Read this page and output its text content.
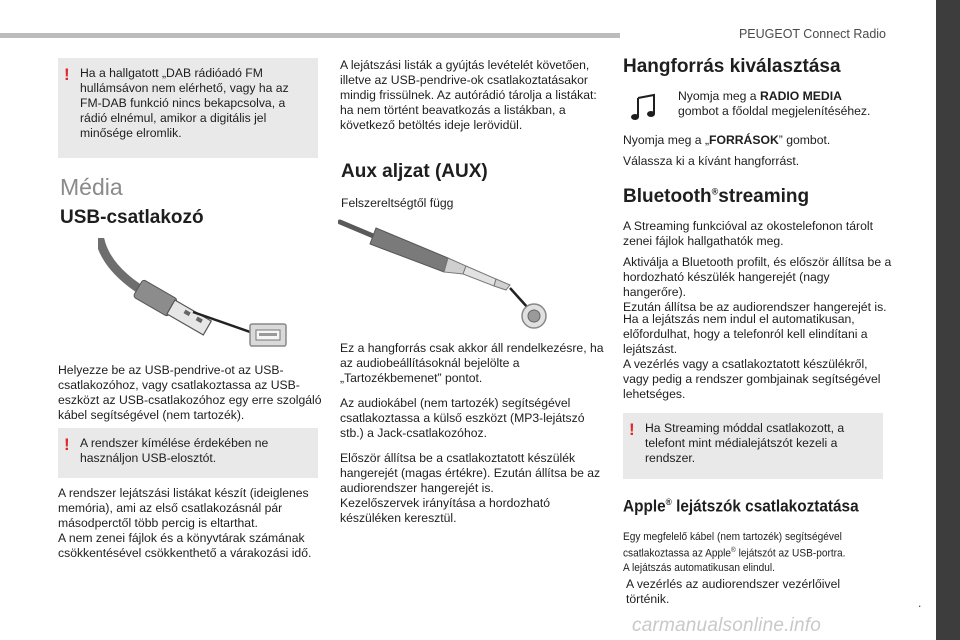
PEUGEOT Connect Radio
.
carmanualsonline.info
! Ha a hallgatott „DAB rádióadó FM hullámsávon nem elérhető, vagy ha az FM-DAB funkció nincs bekapcsolva, a rádió elnémul, amikor a digitális jel minősége elromlik.
Média
USB-csatlakozó

Helyezze be az USB-pendrive-ot az USB-csatlakozóhoz, vagy csatlakoztassa az USB-eszközt az USB-csatlakozóhoz egy erre szolgáló kábel segítségével (nem tartozék).

! A rendszer kímélése érdekében ne használjon USB-elosztót.

A rendszer lejátszási listákat készít (ideiglenes memória), ami az első csatlakozásnál pár másodperctől több percig is eltarthat.

A nem zenei fájlok és a könyvtárak számának csökkentésével csökkenthető a várakozási idő.

A lejátszási listák a gyújtás levételét követően, illetve az USB-pendrive-ok csatlakoztatásakor mindig frissülnek. Az autórádió tárolja a listákat: ha nem történt beavatkozás a listákban, a következő betöltés ideje lerövidül.

Aux aljzat (AUX)

Felszereltségtől függ

Ez a hangforrás csak akkor áll rendelkezésre, ha az audiobeállításoknál bejelölte a „Tartozékbemenet” pontot.

Az audiokábel (nem tartozék) segítségével csatlakoztassa a külső eszközt (MP3-lejátszó stb.) a Jack-csatlakozóhoz.

Először állítsa be a csatlakoztatott készülék hangerejét (magas értékre). Ezután állítsa be az audiorendszer hangerejét is.

Kezelőszervek irányítása a hordozható készüléken keresztül.

Hangforrás kiválasztása

Nyomja meg a RADIO MEDIA gombot a főoldal megjelenítéséhez.

Nyomja meg a „FORRÁSOK” gombot.

Válassza ki a kívánt hangforrást.

Bluetooth®streaming

A Streaming funkcióval az okostelefonon tárolt zenei fájlok hallgathatók meg.

Aktiválja a Bluetooth profilt, és először állítsa be a hordozható készülék hangerejét (nagy hangerőre).

Ezután állítsa be az audiorendszer hangerejét is.

Ha a lejátszás nem indul el automatikusan, előfordulhat, hogy a telefonról kell elindítani a lejátszást.

A vezérlés vagy a csatlakoztatott készülékről, vagy pedig a rendszer gombjainak segítségével lehetséges.

! Ha Streaming móddal csatlakozott, a telefont mint médialejátszót kezeli a rendszer.
Apple® lejátszók csatlakoztatása
Egy megfelelő kábel (nem tartozék) segítségével
csatlakoztassa az Apple® lejátszót az USB-portra.
A lejátszás automatikusan elindul.

A vezérlés az audiorendszer vezérlőivel történik.
